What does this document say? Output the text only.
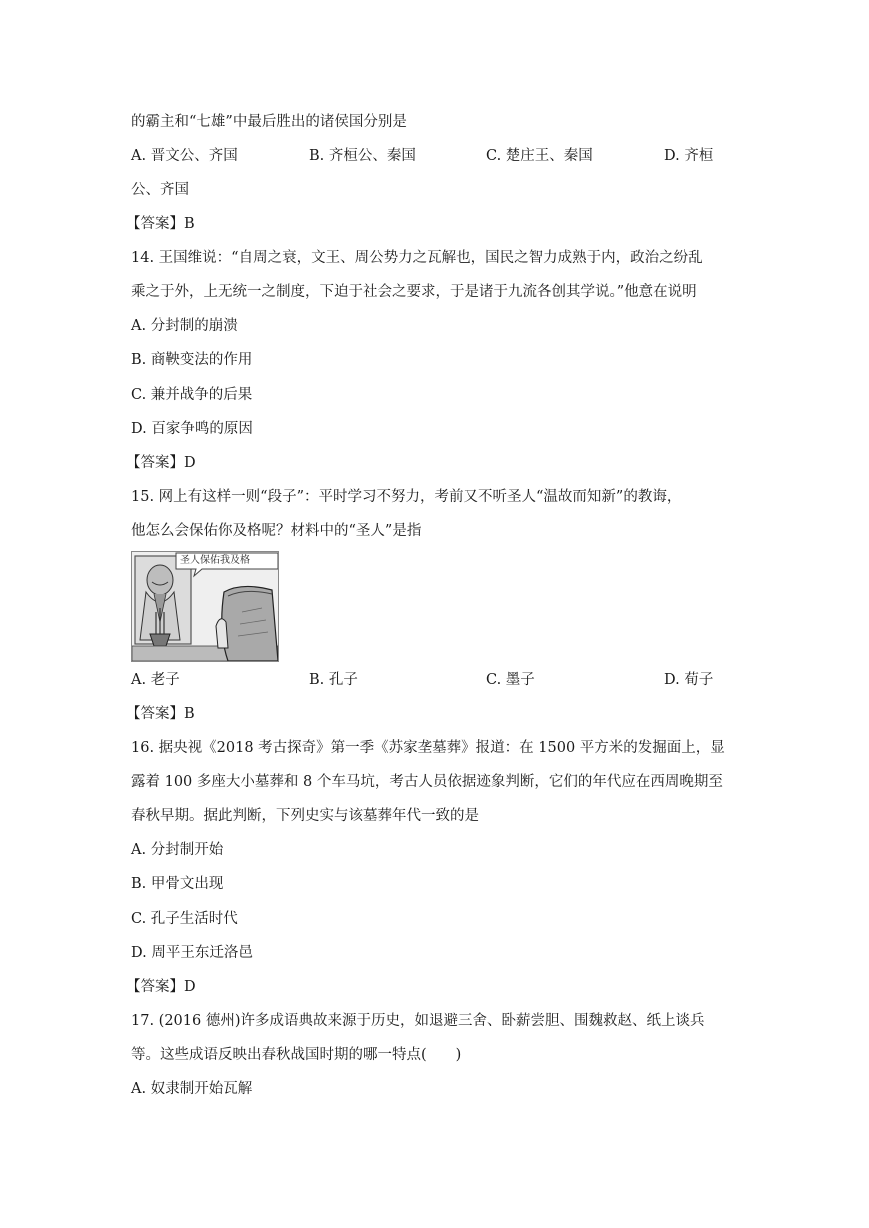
的霸主和“七雄”中最后胜出的诸侯国分别是
A. 晋文公、齐国	B. 齐桓公、秦国	C. 楚庄王、秦国	D. 齐桓
公、齐国
【答案】B
14. 王国维说：“自周之衰，文王、周公势力之瓦解也，国民之智力成熟于内，政治之纷乱
乘之于外，上无统一之制度，下迫于社会之要求，于是诸于九流各创其学说。”他意在说明
A. 分封制的崩溃
B. 商鞅变法的作用
C. 兼并战争的后果
D. 百家争鸣的原因
【答案】D
15. 网上有这样一则“段子”：平时学习不努力，考前又不听圣人“温故而知新”的教诲，
他怎么会保佑你及格呢？材料中的“圣人”是指
圣人保佑我及格
A. 老子	B. 孔子	C. 墨子	D. 荀子
【答案】B
16. 据央视《2018 考古探奇》第一季《苏家垄墓葬》报道：在 1500 平方米的发掘面上，显
露着 100 多座大小墓葬和 8 个车马坑，考古人员依据迹象判断，它们的年代应在西周晚期至
春秋早期。据此判断，下列史实与该墓葬年代一致的是
A. 分封制开始
B. 甲骨文出现
C. 孔子生活时代
D. 周平王东迁洛邑
【答案】D
17. (2016 德州)许多成语典故来源于历史，如退避三舍、卧薪尝胆、围魏救赵、纸上谈兵
等。这些成语反映出春秋战国时期的哪一特点(　　)
A. 奴隶制开始瓦解
